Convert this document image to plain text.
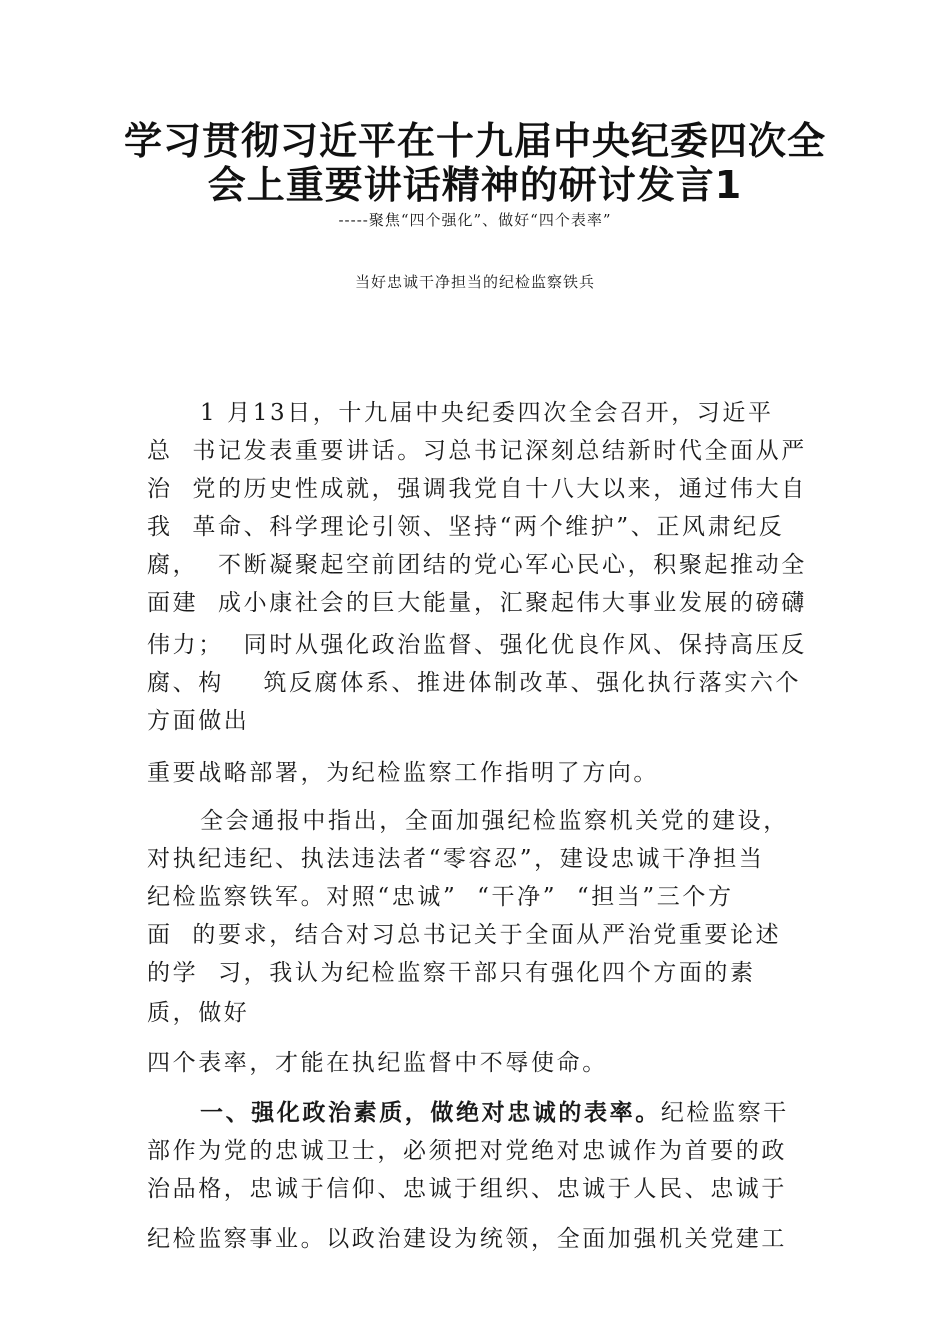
学习贯彻习近平在十九届中央纪委四次全
会上重要讲话精神的研讨发言1
-----聚焦“四个强化”、做好“四个表率”
当好忠诚干净担当的纪检监察铁兵
1 月13日，十九届中央纪委四次全会召开，习近平
总  书记发表重要讲话。习总书记深刻总结新时代全面从严
治  党的历史性成就，强调我党自十八大以来，通过伟大自
我  革命、科学理论引领、坚持“两个维护”、正风肃纪反
腐，  不断凝聚起空前团结的党心军心民心，积聚起推动全
面建  成小康社会的巨大能量，汇聚起伟大事业发展的磅礴
伟力；  同时从强化政治监督、强化优良作风、保持高压反
腐、构    筑反腐体系、推进体制改革、强化执行落实六个
方面做出
重要战略部署，为纪检监察工作指明了方向。
全会通报中指出，全面加强纪检监察机关党的建设，
对执纪违纪、执法违法者“零容忍”，建设忠诚干净担当
纪检监察铁军。对照“忠诚”  “干净”  “担当”三个方
面  的要求，结合对习总书记关于全面从严治党重要论述
的学  习，我认为纪检监察干部只有强化四个方面的素
质，做好
四个表率，才能在执纪监督中不辱使命。
一、强化政治素质，做绝对忠诚的表率。纪检监察干
部作为党的忠诚卫士，必须把对党绝对忠诚作为首要的政
治品格，忠诚于信仰、忠诚于组织、忠诚于人民、忠诚于
纪检监察事业。以政治建设为统领，全面加强机关党建工
